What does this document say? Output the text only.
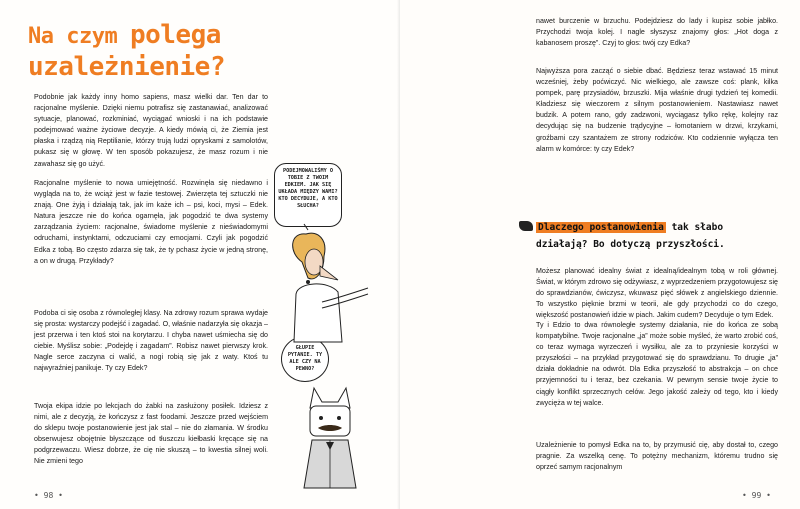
Na czym polega
uzależnienie?

Podobnie jak każdy inny homo sapiens, masz wielki dar. Ten dar to racjonalne myślenie. Dzięki niemu potrafisz się zastanawiać, analizować sytuacje, planować, rozkminiać, wyciągać wnioski i na ich podstawie podejmować ważne życiowe decyzje. A kiedy mówią ci, że Ziemia jest płaska i rządzą nią Reptilianie, którzy trują ludzi opryskami z samolotów, pukasz się w głowę. W ten sposób pokazujesz, że masz rozum i nie zawahasz się go użyć.

Racjonalne myślenie to nowa umiejętność. Rozwinęła się niedawno i wygląda na to, że wciąż jest w fazie testowej. Zwierzęta tej sztuczki nie znają. One żyją i działają tak, jak im każe ich – psi, koci, mysi – Edek. Natura jeszcze nie do końca ogarnęła, jak pogodzić te dwa systemy zarządzania życiem: racjonalne, świadome myślenie z nieświadomymi odruchami, instynktami, odczuciami czy emocjami. Czyli jak pogodzić Edka z tobą. Bo często zdarza się tak, że ty pchasz życie w jedną stronę, a on w drugą. Przykłady?

Podoba ci się osoba z równoległej klasy. Na zdrowy rozum sprawa wydaje się prosta: wystarczy podejść i zagadać. O, właśnie nadarzyła się okazja – jest przerwa i ten ktoś stoi na korytarzu. I chyba nawet uśmiecha się do ciebie. Myślisz sobie: „Podejdę i zagadam”. Robisz nawet pierwszy krok. Nagle serce zaczyna ci walić, a nogi robią się jak z waty. Ktoś tu najwyraźniej panikuje. Ty czy Edek?

Twoja ekipa idzie po lekcjach do żabki na zasłużony posiłek. Idziesz z nimi, ale z decyzją, że kończysz z fast foodami. Jeszcze przed wejściem do sklepu twoje postanowienie jest jak stal – nie do złamania. W środku obserwujesz obojętnie błyszczące od tłuszczu kiełbaski kręcące się na podgrzewaczu. Wiesz dobrze, że cię nie skuszą – to kwestia silnej woli. Nie zmieni tego

PODEJMOWALIŚMY O TOBIE Z TWOIM EDKIEM. JAK SIĘ UKŁADA MIĘDZY WAMI? KTO DECYDUJE, A KTO SŁUCHA?
GŁUPIE PYTANIE. TY ALE CZY NA PEWNO?
• 98 •

nawet burczenie w brzuchu. Podejdziesz do lady i kupisz sobie jabłko. Przychodzi twoja kolej. I nagle słyszysz znajomy głos: „Hot doga z kabanosem proszę”. Czyj to głos: twój czy Edka?

Najwyższa pora zacząć o siebie dbać. Będziesz teraz wstawać 15 minut wcześniej, żeby poćwiczyć. Nic wielkiego, ale zawsze coś: plank, kilka pompek, parę przysiadów, brzuszki. Mija właśnie drugi tydzień tej komedii. Kładziesz się wieczorem z silnym postanowieniem. Nastawiasz nawet budzik. A potem rano, gdy zadzwoni, wyciągasz tylko rękę, kolejny raz decydując się na budzenie trądycyjne – łomotaniem w drzwi, krzykami, groźbami czy szantażem ze strony rodziców. Kto codziennie wyłącza ten alarm w komórce: ty czy Edek?

Dlaczego postanowienia tak słabo
działają? Bo dotyczą przyszłości.

Możesz planować idealny świat z idealną/idealnym tobą w roli głównej. Świat, w którym zdrowo się odżywiasz, z wyprzedzeniem przygotowujesz się do sprawdzianów, ćwiczysz, wkuwasz pięć słówek z angielskiego dziennie. To wszystko pięknie brzmi w teorii, ale gdy przychodzi co do czego, większość postanowień idzie w piach. Jakim cudem? Decyduje o tym Edek.

Ty i Edzio to dwa równoległe systemy działania, nie do końca ze sobą kompatybilne. Twoje racjonalne „ja” może sobie myśleć, że warto zrobić coś, co teraz wymaga wyrzeczeń i wysiłku, ale za to przyniesie korzyści w przyszłości – na przykład przygotować się do sprawdzianu. To drugie „ja” działa dokładnie na odwrót. Dla Edka przyszłość to abstrakcja – on chce przyjemności tu i teraz, bez czekania. W pewnym sensie twoje życie to ciągły konflikt sprzecznych celów. Jego jakość zależy od tego, kto i kiedy zwycięża w tej walce.

Uzależnienie to pomysł Edka na to, by przymusić cię, aby dostał to, czego pragnie. Za wszelką cenę. To potężny mechanizm, któremu trudno się oprzeć samym racjonalnym

• 99 •
